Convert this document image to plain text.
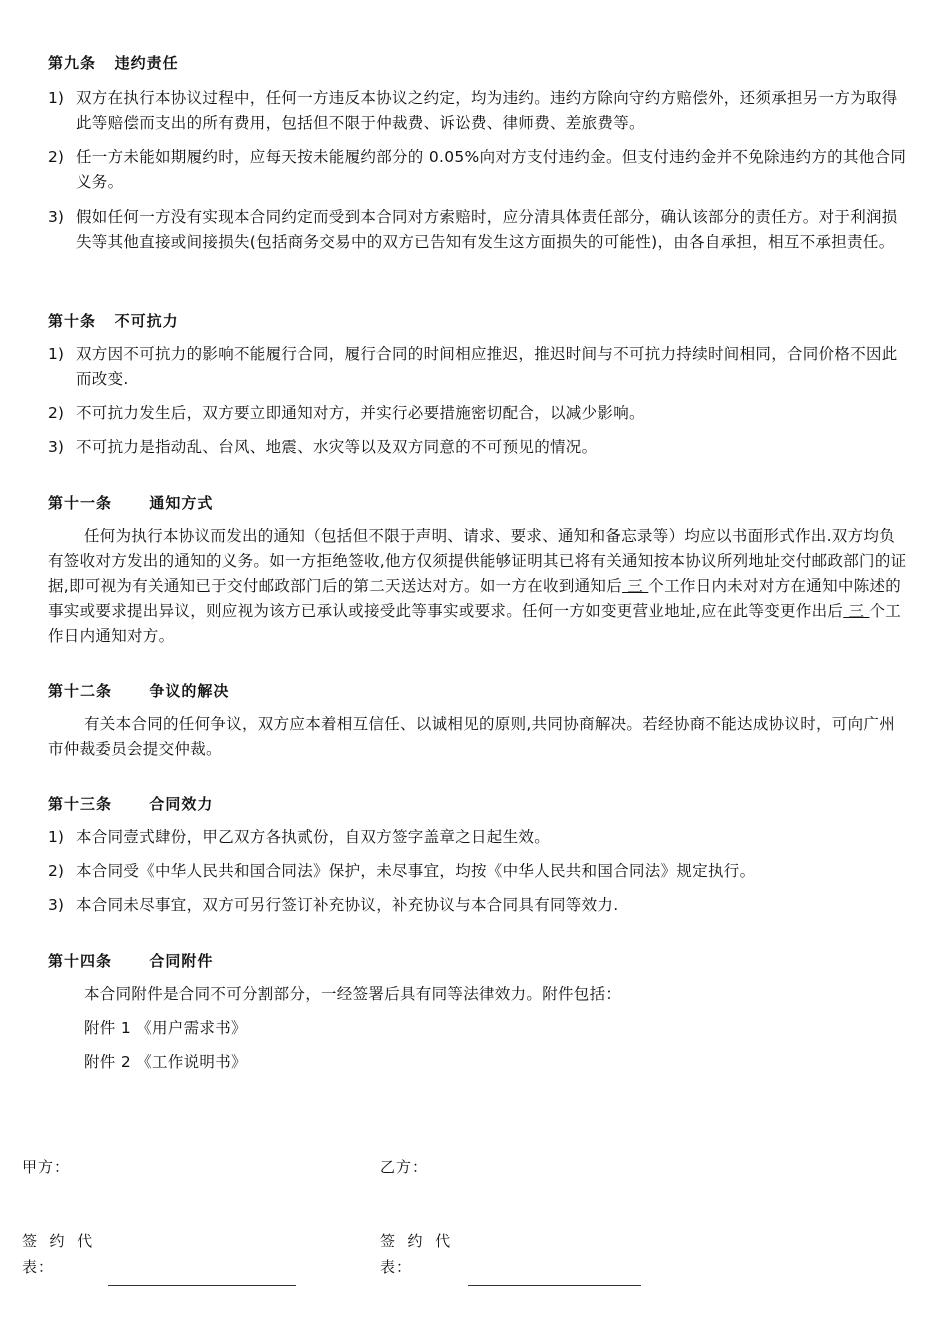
第九条   违约责任
1) 双方在执行本协议过程中，任何一方违反本协议之约定，均为违约。违约方除向守约方赔偿外，还须承担另一方为取得此等赔偿而支出的所有费用，包括但不限于仲裁费、诉讼费、律师费、差旅费等。
2) 任一方未能如期履约时，应每天按未能履约部分的 0.05%向对方支付违约金。但支付违约金并不免除违约方的其他合同义务。
3) 假如任何一方没有实现本合同约定而受到本合同对方索赔时，应分清具体责任部分，确认该部分的责任方。对于利润损失等其他直接或间接损失(包括商务交易中的双方已告知有发生这方面损失的可能性)，由各自承担，相互不承担责任。
第十条   不可抗力
1) 双方因不可抗力的影响不能履行合同，履行合同的时间相应推迟，推迟时间与不可抗力持续时间相同，合同价格不因此而改变.
2) 不可抗力发生后，双方要立即通知对方，并实行必要措施密切配合，以减少影响。
3) 不可抗力是指动乱、台风、地震、水灾等以及双方同意的不可预见的情况。
第十一条      通知方式
任何为执行本协议而发出的通知（包括但不限于声明、请求、要求、通知和备忘录等）均应以书面形式作出.双方均负有签收对方发出的通知的义务。如一方拒绝签收,他方仅须提供能够证明其已将有关通知按本协议所列地址交付邮政部门的证据,即可视为有关通知已于交付邮政部门后的第二天送达对方。如一方在收到通知后 三 个工作日内未对对方在通知中陈述的事实或要求提出异议，则应视为该方已承认或接受此等事实或要求。任何一方如变更营业地址,应在此等变更作出后 三 个工作日内通知对方。
第十二条      争议的解决
有关本合同的任何争议，双方应本着相互信任、以诚相见的原则,共同协商解决。若经协商不能达成协议时，可向广州市仲裁委员会提交仲裁。
第十三条      合同效力
1) 本合同壹式肆份，甲乙双方各执贰份，自双方签字盖章之日起生效。
2) 本合同受《中华人民共和国合同法》保护，未尽事宜，均按《中华人民共和国合同法》规定执行。
3) 本合同未尽事宜，双方可另行签订补充协议，补充协议与本合同具有同等效力.
第十四条      合同附件
本合同附件是合同不可分割部分，一经签署后具有同等法律效力。附件包括：
附件 1 《用户需求书》
附件 2 《工作说明书》
甲方：	乙方：
签  约  代
表：
签  约  代
表：
